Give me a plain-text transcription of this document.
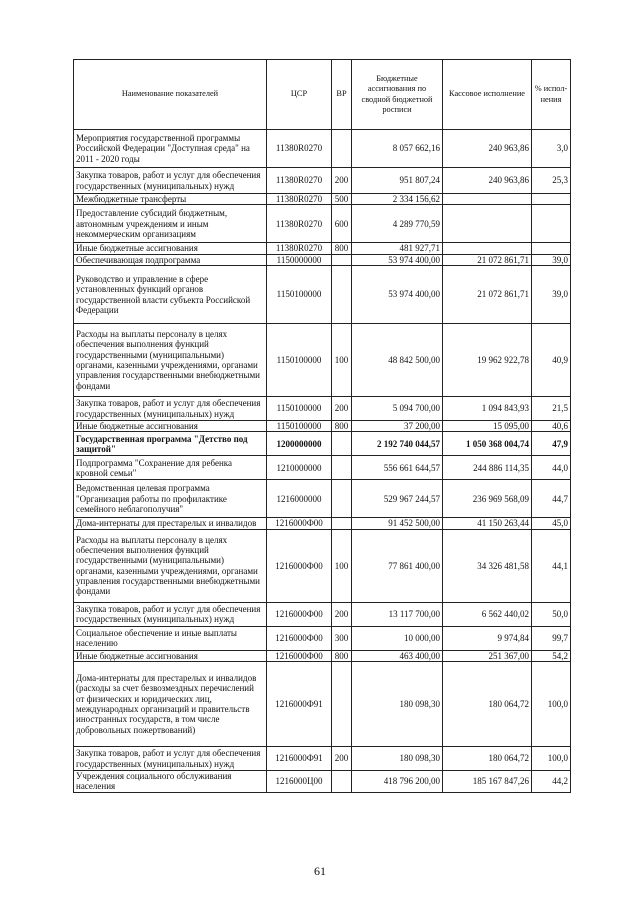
Наименование показателей	ЦСР	ВР	Бюджетные ассигнования по сводной бюджетной росписи	Кассовое исполнение	% испол-нения
Мероприятия государственной программы Российской Федерации "Доступная среда" на 2011 - 2020 годы	11380R0270		8 057 662,16	240 963,86	3,0
Закупка товаров, работ и услуг для обеспечения государственных (муниципальных) нужд	11380R0270	200	951 807,24	240 963,86	25,3
Межбюджетные трансферты	11380R0270	500	2 334 156,62		
Предоставление субсидий бюджетным, автономным учреждениям и иным некоммерческим организациям	11380R0270	600	4 289 770,59		
Иные бюджетные ассигнования	11380R0270	800	481 927,71		
Обеспечивающая подпрограмма	1150000000		53 974 400,00	21 072 861,71	39,0
Руководство и управление в сфере установленных функций органов государственной власти субъекта Российской Федерации	1150100000		53 974 400,00	21 072 861,71	39,0
Расходы на выплаты персоналу в целях обеспечения выполнения функций государственными (муниципальными) органами, казенными учреждениями, органами управления государственными внебюджетными фондами	1150100000	100	48 842 500,00	19 962 922,78	40,9
Закупка товаров, работ и услуг для обеспечения государственных (муниципальных) нужд	1150100000	200	5 094 700,00	1 094 843,93	21,5
Иные бюджетные ассигнования	1150100000	800	37 200,00	15 095,00	40,6
Государственная программа "Детство под защитой"	1200000000		2 192 740 044,57	1 050 368 004,74	47,9
Подпрограмма "Сохранение для ребенка кровной семьи"	1210000000		556 661 644,57	244 886 114,35	44,0
Ведомственная целевая программа "Организация работы по профилактике семейного неблагополучия"	1216000000		529 967 244,57	236 969 568,09	44,7
Дома-интернаты для престарелых и инвалидов	1216000Ф00		91 452 500,00	41 150 263,44	45,0
Расходы на выплаты персоналу в целях обеспечения выполнения функций государственными (муниципальными) органами, казенными учреждениями, органами управления государственными внебюджетными фондами	1216000Ф00	100	77 861 400,00	34 326 481,58	44,1
Закупка товаров, работ и услуг для обеспечения государственных (муниципальных) нужд	1216000Ф00	200	13 117 700,00	6 562 440,02	50,0
Социальное обеспечение и иные выплаты населению	1216000Ф00	300	10 000,00	9 974,84	99,7
Иные бюджетные ассигнования	1216000Ф00	800	463 400,00	251 367,00	54,2
Дома-интернаты для престарелых и инвалидов (расходы за счет безвозмездных перечислений от физических и юридических лиц, международных организаций и правительств иностранных государств, в том числе добровольных пожертвований)	1216000Ф91		180 098,30	180 064,72	100,0
Закупка товаров, работ и услуг для обеспечения государственных (муниципальных) нужд	1216000Ф91	200	180 098,30	180 064,72	100,0
Учреждения социального обслуживания населения	1216000Ц00		418 796 200,00	185 167 847,26	44,2
61
